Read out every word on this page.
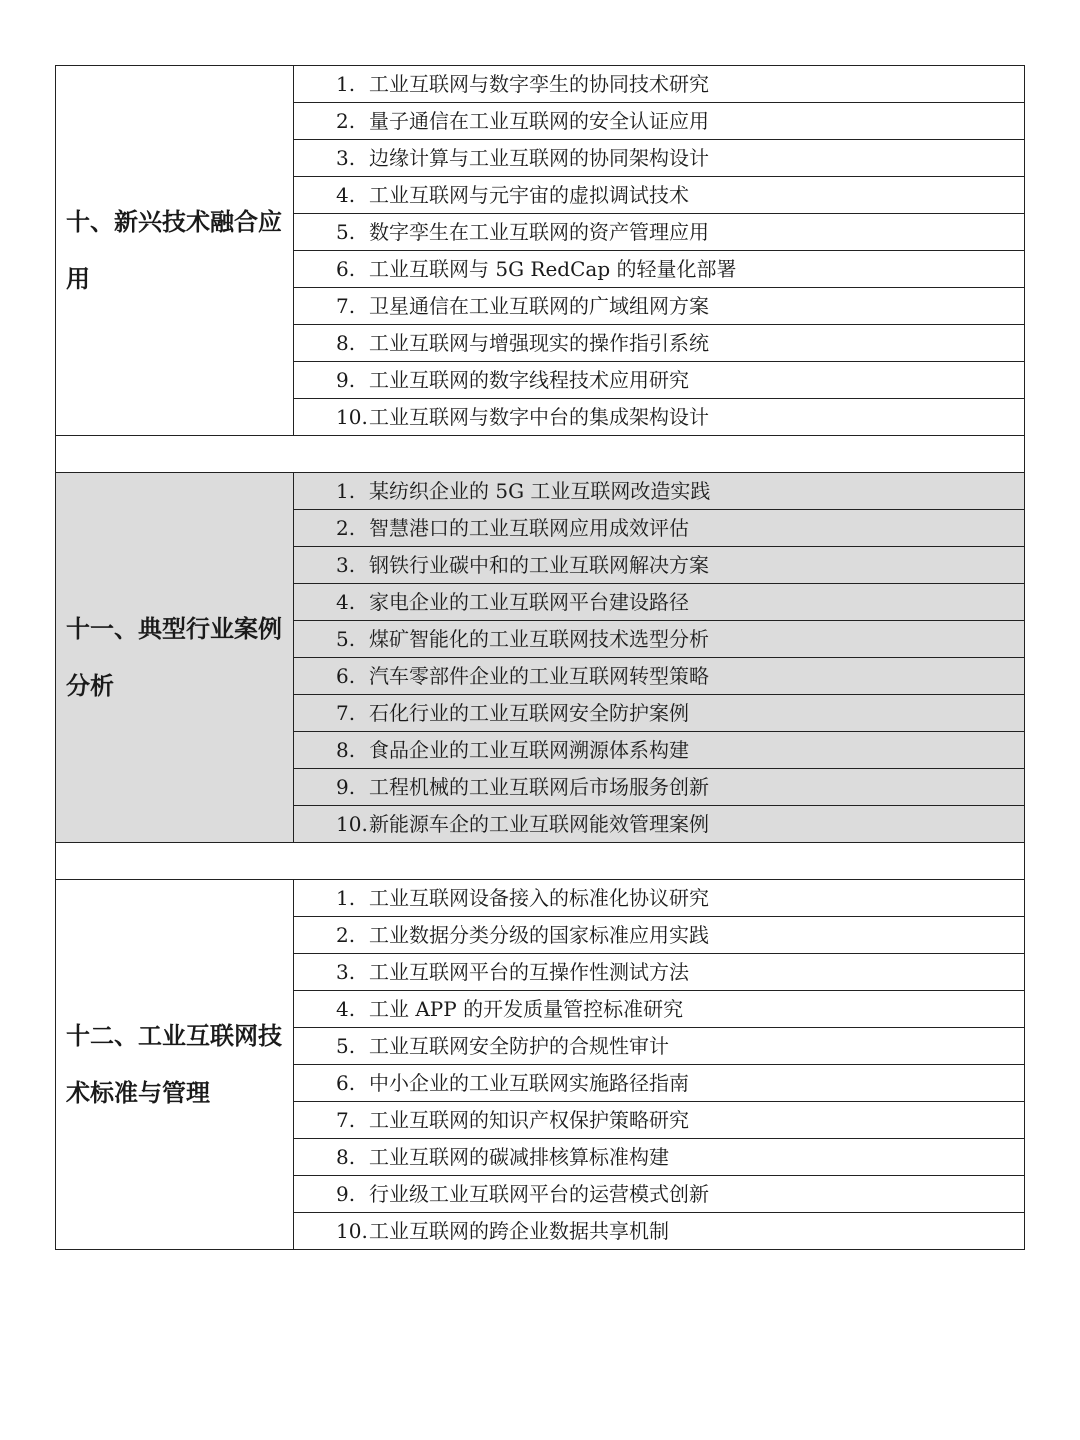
十、新兴技术融合应用	1. 工业互联网与数字孪生的协同技术研究
	2. 量子通信在工业互联网的安全认证应用
	3. 边缘计算与工业互联网的协同架构设计
	4. 工业互联网与元宇宙的虚拟调试技术
	5. 数字孪生在工业互联网的资产管理应用
	6. 工业互联网与 5G RedCap 的轻量化部署
	7. 卫星通信在工业互联网的广域组网方案
	8. 工业互联网与增强现实的操作指引系统
	9. 工业互联网的数字线程技术应用研究
	10.工业互联网与数字中台的集成架构设计

十一、典型行业案例分析	1. 某纺织企业的 5G 工业互联网改造实践
	2. 智慧港口的工业互联网应用成效评估
	3. 钢铁行业碳中和的工业互联网解决方案
	4. 家电企业的工业互联网平台建设路径
	5. 煤矿智能化的工业互联网技术选型分析
	6. 汽车零部件企业的工业互联网转型策略
	7. 石化行业的工业互联网安全防护案例
	8. 食品企业的工业互联网溯源体系构建
	9. 工程机械的工业互联网后市场服务创新
	10.新能源车企的工业互联网能效管理案例

十二、工业互联网技术标准与管理	1. 工业互联网设备接入的标准化协议研究
	2. 工业数据分类分级的国家标准应用实践
	3. 工业互联网平台的互操作性测试方法
	4. 工业 APP 的开发质量管控标准研究
	5. 工业互联网安全防护的合规性审计
	6. 中小企业的工业互联网实施路径指南
	7. 工业互联网的知识产权保护策略研究
	8. 工业互联网的碳减排核算标准构建
	9. 行业级工业互联网平台的运营模式创新
	10.工业互联网的跨企业数据共享机制
